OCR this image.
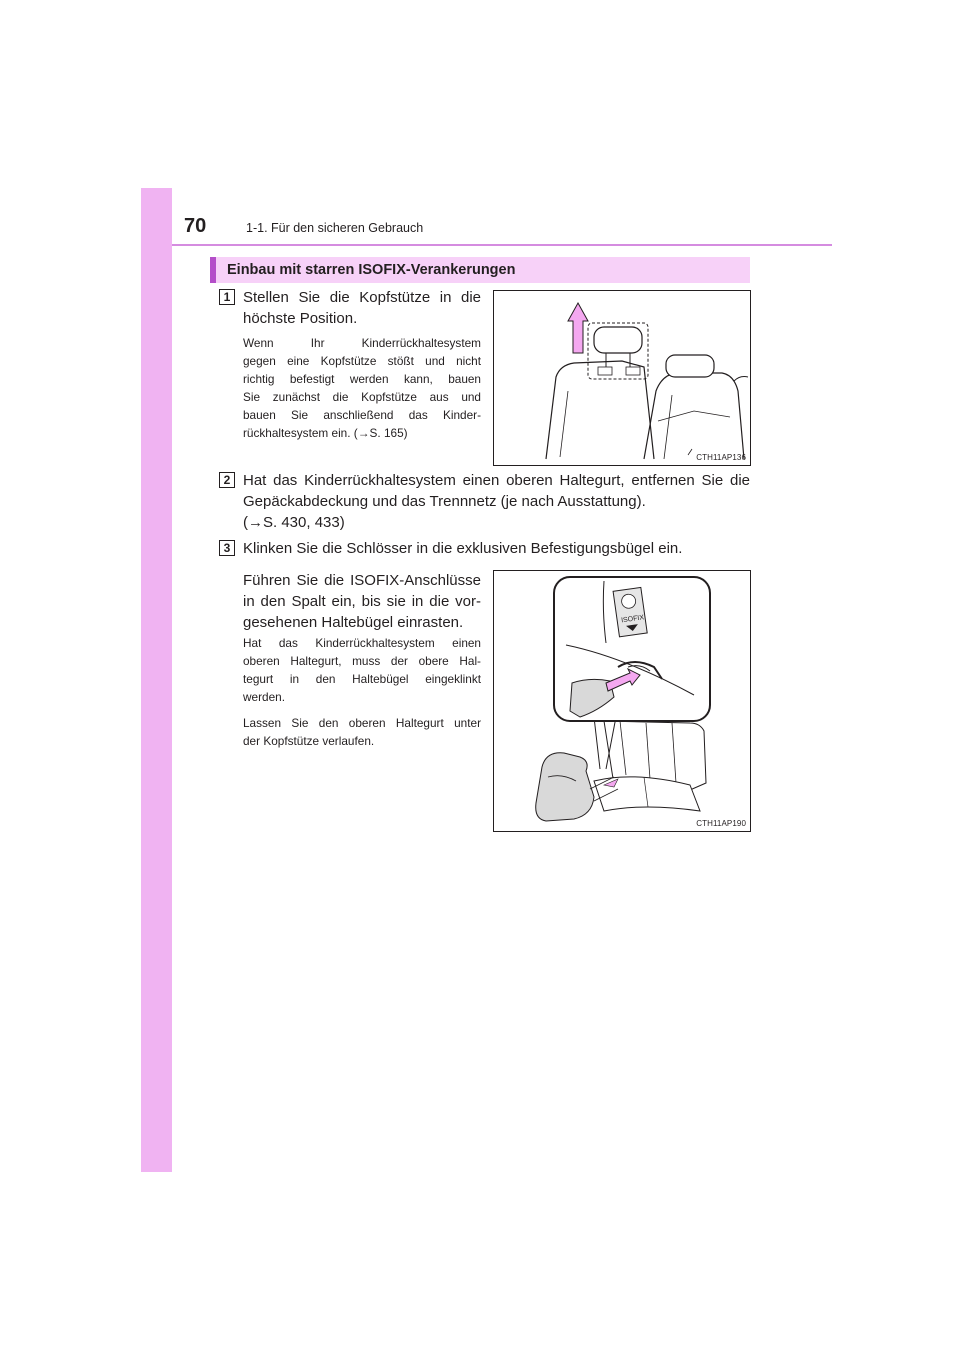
70	1-1. Für den sicheren Gebrauch
Einbau mit starren ISOFIX-Verankerungen
1 Stellen Sie die Kopfstütze in die
höchste Position.
Wenn Ihr Kinderrückhaltesystem
gegen eine Kopfstütze stößt und nicht
richtig befestigt werden kann, bauen
Sie zunächst die Kopfstütze aus und
bauen Sie anschließend das Kinder-
rückhaltesystem ein. (→S. 165)
CTH11AP136
2 Hat das Kinderrückhaltesystem einen oberen Haltegurt, entfernen Sie die
Gepäckabdeckung und das Trennnetz (je nach Ausstattung).
(→S. 430, 433)
3 Klinken Sie die Schlösser in die exklusiven Befestigungsbügel ein.
Führen Sie die ISOFIX-Anschlüsse
in den Spalt ein, bis sie in die vor-
gesehenen Haltebügel einrasten.
Hat das Kinderrückhaltesystem einen
oberen Haltegurt, muss der obere Hal-
tegurt in den Haltebügel eingeklinkt
werden.
Lassen Sie den oberen Haltegurt unter
der Kopfstütze verlaufen.
ISOFIX
CTH11AP190
